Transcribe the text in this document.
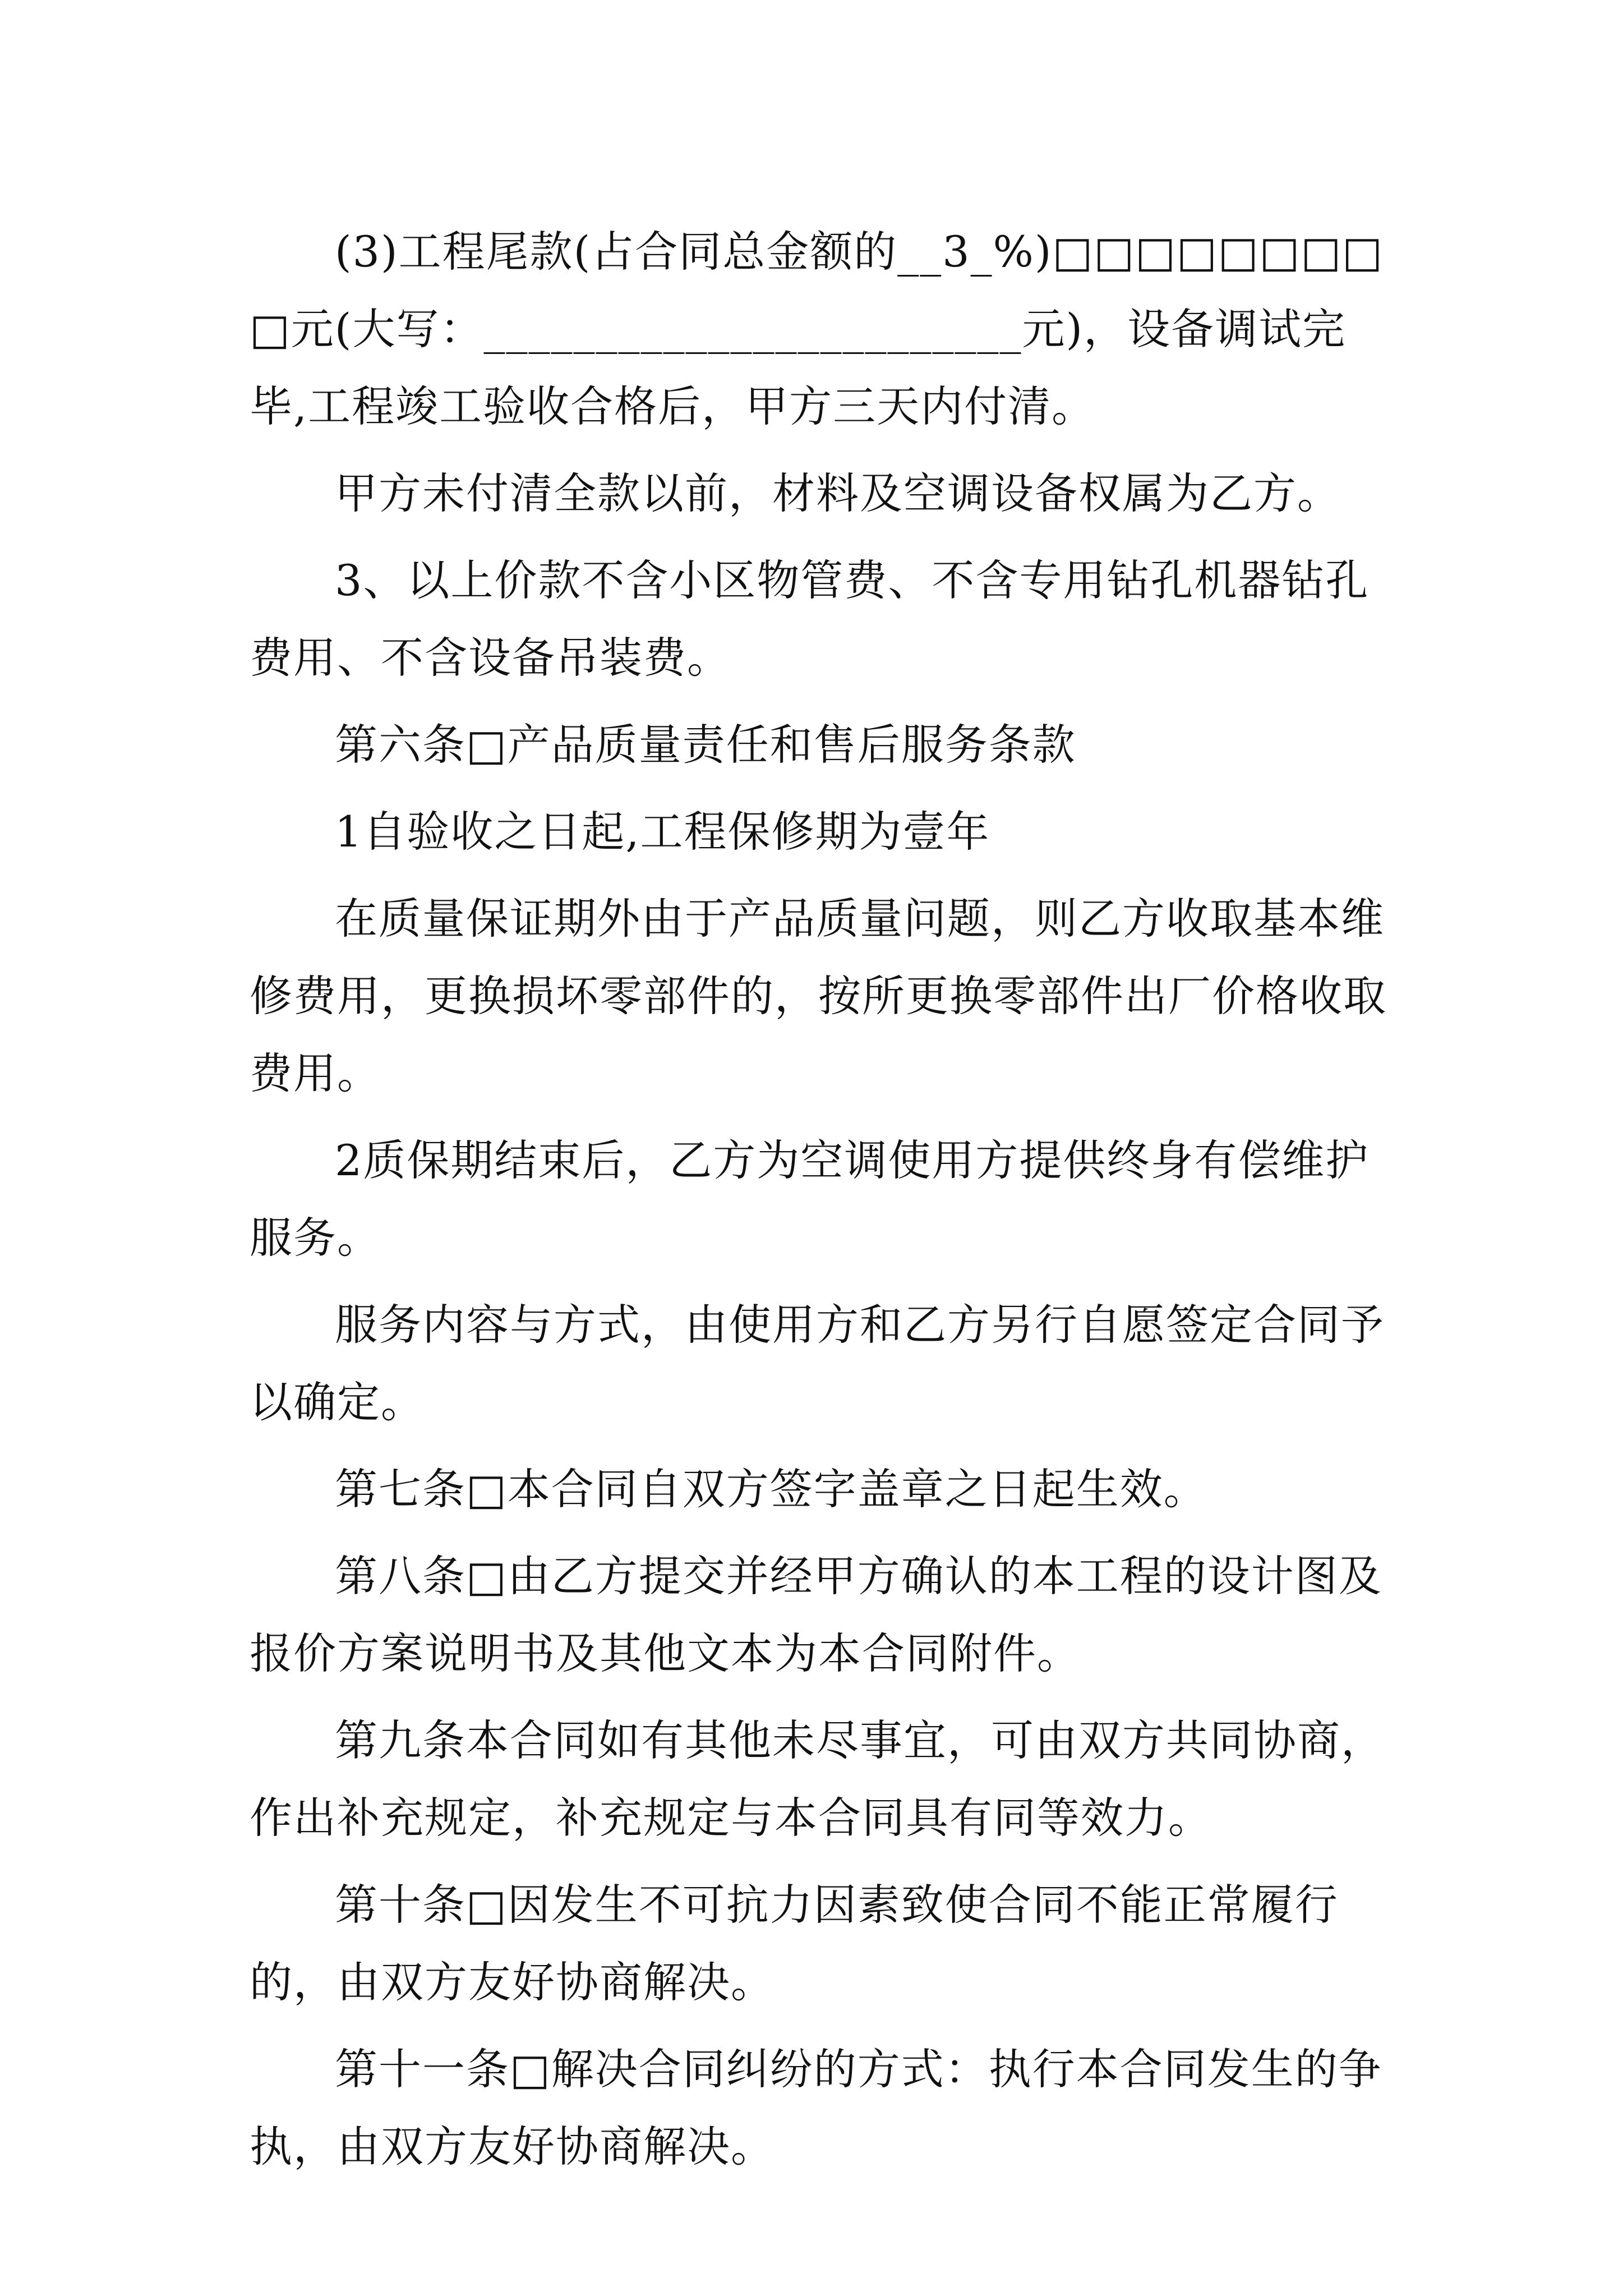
(3)工程尾款(占合同总金额的__3_%)□□□□□□□□□元(大写：________________________元)，设备调试完毕,工程竣工验收合格后，甲方三天内付清。

甲方未付清全款以前，材料及空调设备权属为乙方。

3、以上价款不含小区物管费、不含专用钻孔机器钻孔费用、不含设备吊装费。

第六条□产品质量责任和售后服务条款

1自验收之日起,工程保修期为壹年

在质量保证期外由于产品质量问题，则乙方收取基本维修费用，更换损坏零部件的，按所更换零部件出厂价格收取费用。

2质保期结束后，乙方为空调使用方提供终身有偿维护服务。

服务内容与方式，由使用方和乙方另行自愿签定合同予以确定。

第七条□本合同自双方签字盖章之日起生效。

第八条□由乙方提交并经甲方确认的本工程的设计图及报价方案说明书及其他文本为本合同附件。

第九条本合同如有其他未尽事宜，可由双方共同协商，作出补充规定，补充规定与本合同具有同等效力。

第十条□因发生不可抗力因素致使合同不能正常履行的，由双方友好协商解决。

第十一条□解决合同纠纷的方式：执行本合同发生的争执，由双方友好协商解决。
